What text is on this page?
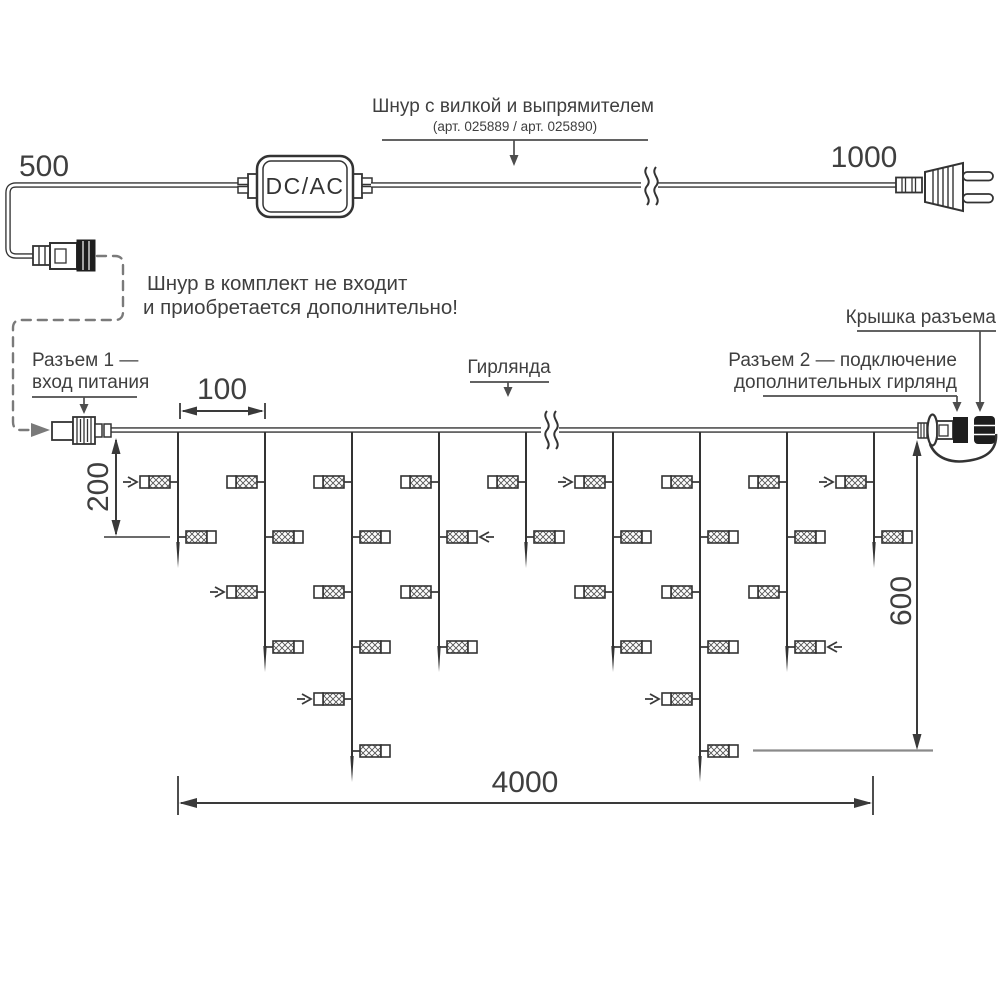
DC/AC
500	1000
Шнур с вилкой и выпрямителем
(арт. 025889 / арт. 025890)
Шнур в комплект не входит
и приобретается дополнительно!
Разъем 1 —
вход питания
Гирлянда	Разъем 2 — подключение
дополнительных гирлянд
Крышка разъема
100
200
600
4000
